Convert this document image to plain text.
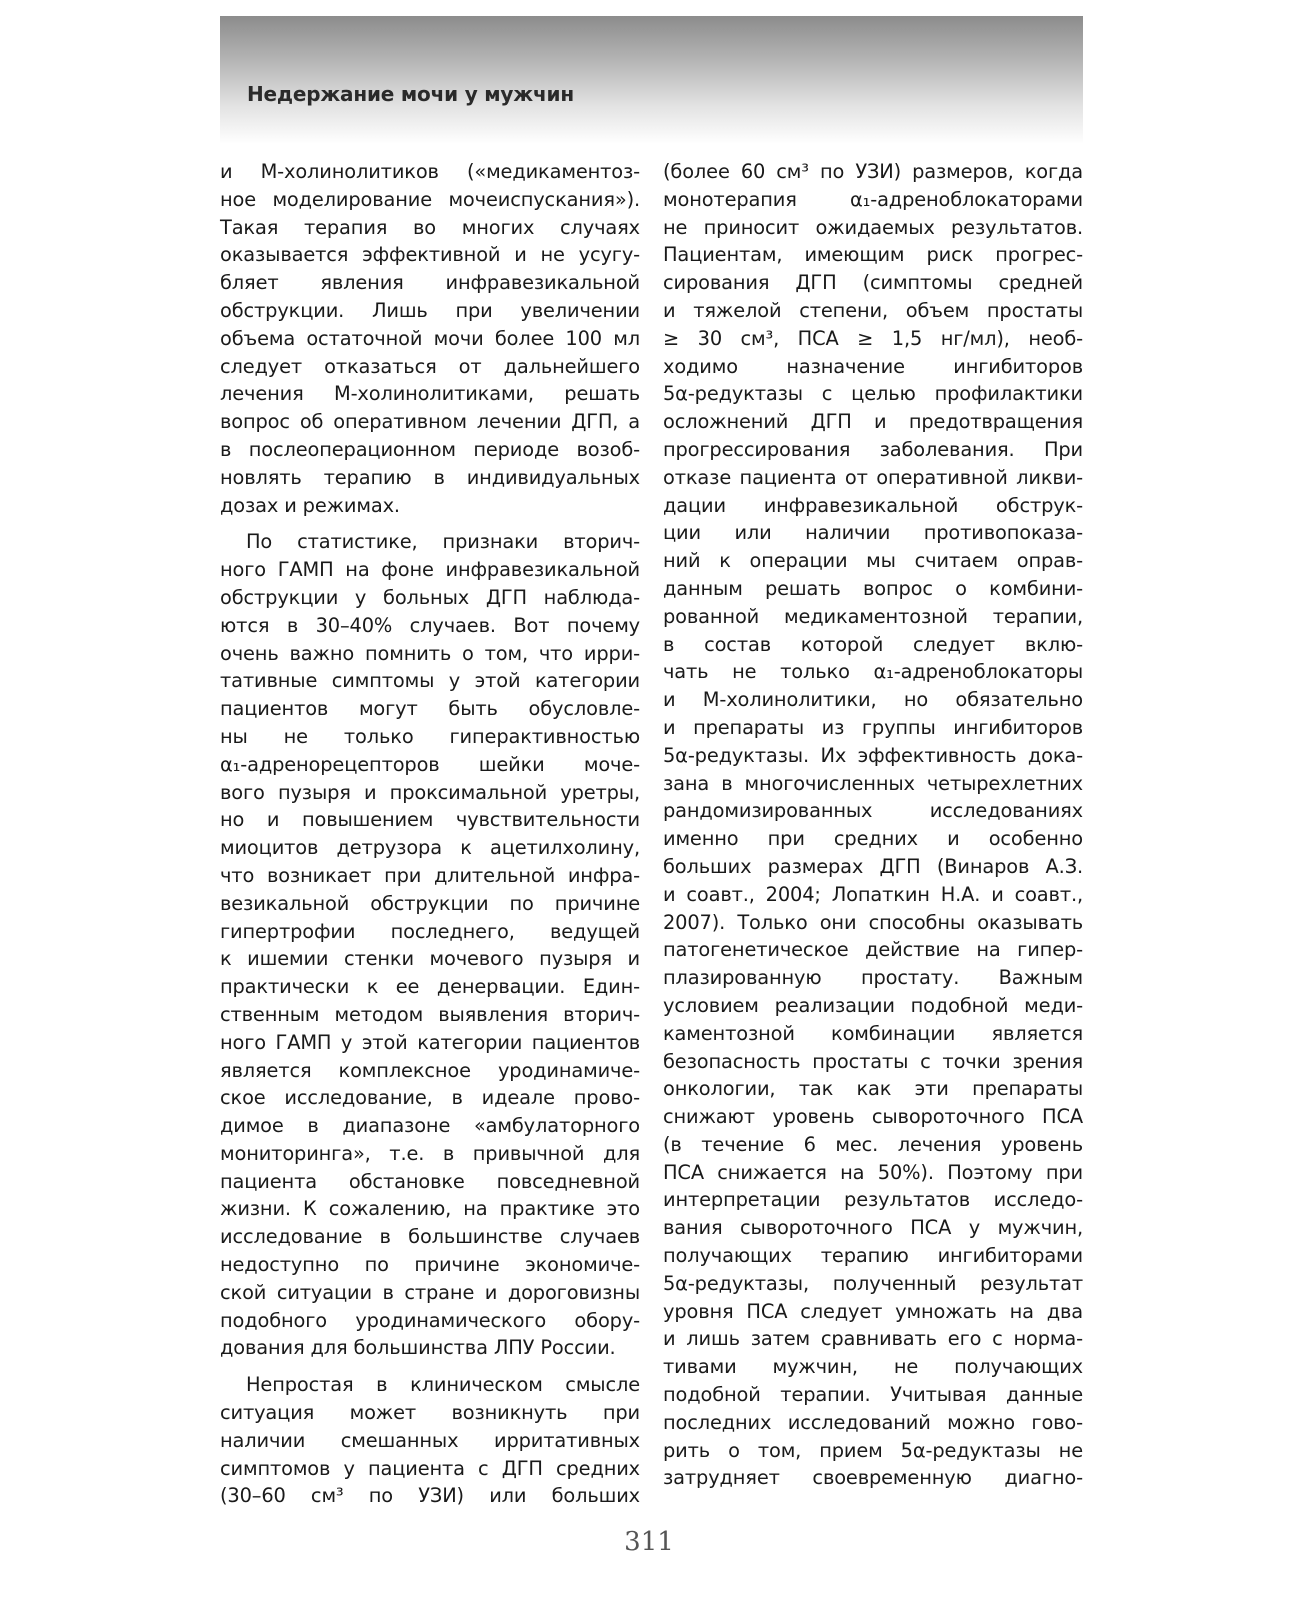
Недержание мочи у мужчин
и М-холинолитиков («медикаментоз-
ное моделирование мочеиспускания»).
Такая терапия во многих случаях
оказывается эффективной и не усугу-
бляет явления инфравезикальной
обструкции. Лишь при увеличении
объема остаточной мочи более 100 мл
следует отказаться от дальнейшего
лечения М-холинолитиками, решать
вопрос об оперативном лечении ДГП, а
в послеоперационном периоде возоб-
новлять терапию в индивидуальных
дозах и режимах.
По статистике, признаки вторич-
ного ГАМП на фоне инфравезикальной
обструкции у больных ДГП наблюда-
ются в 30–40% случаев. Вот почему
очень важно помнить о том, что ирри-
тативные симптомы у этой категории
пациентов могут быть обусловле-
ны не только гиперактивностью
α₁-адренорецепторов шейки моче-
вого пузыря и проксимальной уретры,
но и повышением чувствительности
миоцитов детрузора к ацетилхолину,
что возникает при длительной инфра-
везикальной обструкции по причине
гипертрофии последнего, ведущей
к ишемии стенки мочевого пузыря и
практически к ее денервации. Един-
ственным методом выявления вторич-
ного ГАМП у этой категории пациентов
является комплексное уродинамиче-
ское исследование, в идеале прово-
димое в диапазоне «амбулаторного
мониторинга», т.е. в привычной для
пациента обстановке повседневной
жизни. К сожалению, на практике это
исследование в большинстве случаев
недоступно по причине экономиче-
ской ситуации в стране и дороговизны
подобного уродинамического обору-
дования для большинства ЛПУ России.
Непростая в клиническом смысле
ситуация может возникнуть при
наличии смешанных ирритативных
симптомов у пациента с ДГП средних
(30–60 см³ по УЗИ) или больших
(более 60 см³ по УЗИ) размеров, когда
монотерапия α₁-адреноблокаторами
не приносит ожидаемых результатов.
Пациентам, имеющим риск прогрес-
сирования ДГП (симптомы средней
и тяжелой степени, объем простаты
≥ 30 см³, ПСА ≥ 1,5 нг/мл), необ-
ходимо назначение ингибиторов
5α-редуктазы с целью профилактики
осложнений ДГП и предотвращения
прогрессирования заболевания. При
отказе пациента от оперативной ликви-
дации инфравезикальной обструк-
ции или наличии противопоказа-
ний к операции мы считаем оправ-
данным решать вопрос о комбини-
рованной медикаментозной терапии,
в состав которой следует вклю-
чать не только α₁-адреноблокаторы
и М-холинолитики, но обязательно
и препараты из группы ингибиторов
5α-редуктазы. Их эффективность дока-
зана в многочисленных четырехлетних
рандомизированных исследованиях
именно при средних и особенно
больших размерах ДГП (Винаров А.З.
и соавт., 2004; Лопаткин Н.А. и соавт.,
2007). Только они способны оказывать
патогенетическое действие на гипер-
плазированную простату. Важным
условием реализации подобной меди-
каментозной комбинации является
безопасность простаты с точки зрения
онкологии, так как эти препараты
снижают уровень сывороточного ПСА
(в течение 6 мес. лечения уровень
ПСА снижается на 50%). Поэтому при
интерпретации результатов исследо-
вания сывороточного ПСА у мужчин,
получающих терапию ингибиторами
5α-редуктазы, полученный результат
уровня ПСА следует умножать на два
и лишь затем сравнивать его с норма-
тивами мужчин, не получающих
подобной терапии. Учитывая данные
последних исследований можно гово-
рить о том, прием 5α-редуктазы не
затрудняет своевременную диагно-
311
